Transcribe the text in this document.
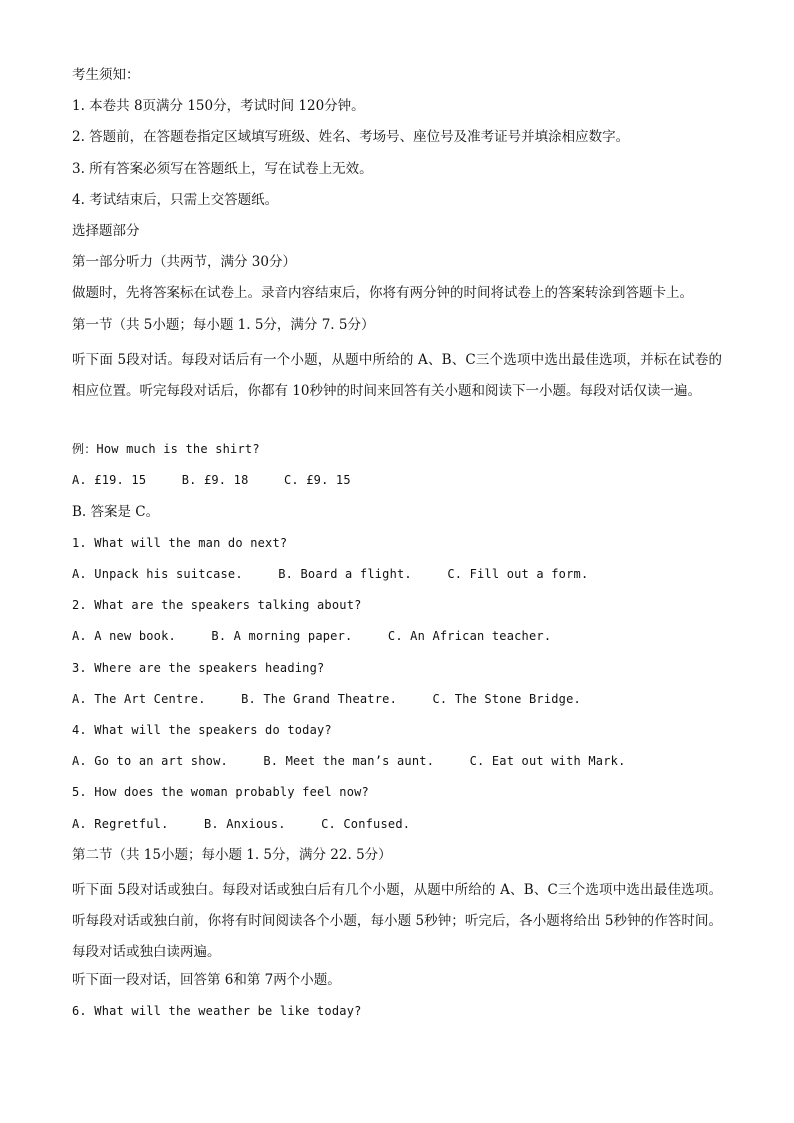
考生须知：
1. 本卷共 8页满分 150分，考试时间 120分钟。
2. 答题前，在答题卷指定区域填写班级、姓名、考场号、座位号及准考证号并填涂相应数字。
3. 所有答案必须写在答题纸上，写在试卷上无效。
4. 考试结束后，只需上交答题纸。
选择题部分
第一部分听力（共两节，满分 30分）
做题时，先将答案标在试卷上。录音内容结束后，你将有两分钟的时间将试卷上的答案转涂到答题卡上。
第一节（共 5小题；每小题 1. 5分，满分 7. 5分）
听下面 5段对话。每段对话后有一个小题，从题中所给的 A、B、C三个选项中选出最佳选项，并标在试卷的相应位置。听完每段对话后，你都有 10秒钟的时间来回答有关小题和阅读下一小题。每段对话仅读一遍。
例：How much is the shirt?
A. £19. 15	B. £9. 18	C. £9. 15
B. 答案是 C。
1. What will the man do next?
A. Unpack his suitcase.	B. Board a flight.	C. Fill out a form.
2. What are the speakers talking about?
A. A new book.	B. A morning paper.	C. An African teacher.
3. Where are the speakers heading?
A. The Art Centre.	B. The Grand Theatre.	C. The Stone Bridge.
4. What will the speakers do today?
A. Go to an art show.	B. Meet the man’s aunt.	C. Eat out with Mark.
5. How does the woman probably feel now?
A. Regretful.	B. Anxious.	C. Confused.
第二节（共 15小题；每小题 1. 5分，满分 22. 5分）
听下面 5段对话或独白。每段对话或独白后有几个小题，从题中所给的 A、B、C三个选项中选出最佳选项。听每段对话或独白前，你将有时间阅读各个小题，每小题 5秒钟；听完后，各小题将给出 5秒钟的作答时间。每段对话或独白读两遍。
听下面一段对话，回答第 6和第 7两个小题。
6. What will the weather be like today?
